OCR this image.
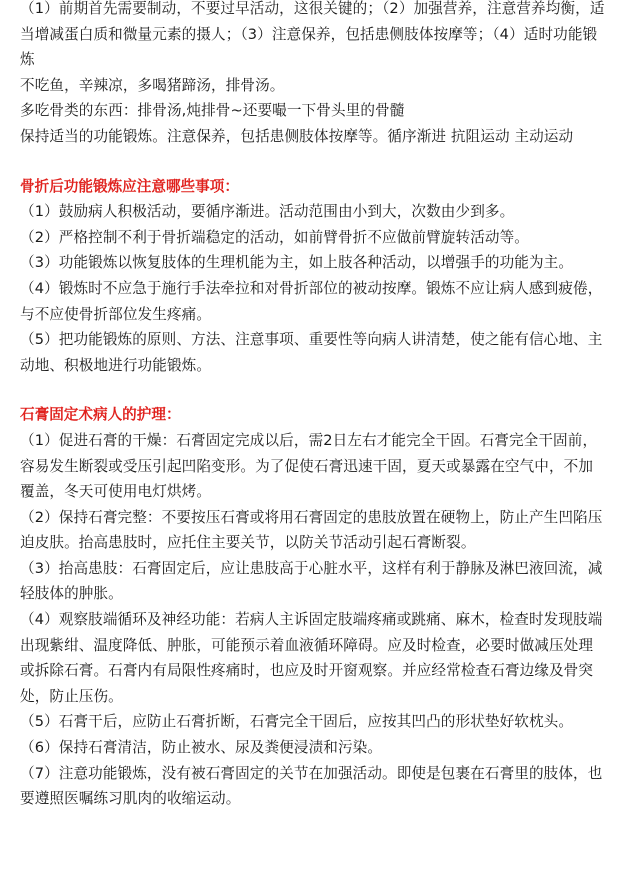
（1）前期首先需要制动，不要过早活动，这很关键的；（2）加强营养，注意营养均衡，适当增减蛋白质和微量元素的摄人；（3）注意保养，包括患侧肢体按摩等；（4）适时功能锻炼

不吃鱼，辛辣凉，多喝猪蹄汤，排骨汤。

多吃骨类的东西：排骨汤,炖排骨~还要嘬一下骨头里的骨髓

保持适当的功能锻炼。注意保养，包括患侧肢体按摩等。循序渐进 抗阻运动 主动运动

骨折后功能锻炼应注意哪些事项：

（1）鼓励病人积极活动，要循序渐进。活动范围由小到大，次数由少到多。

（2）严格控制不利于骨折端稳定的活动，如前臂骨折不应做前臂旋转活动等。

（3）功能锻炼以恢复肢体的生理机能为主，如上肢各种活动，以增强手的功能为主。

（4）锻炼时不应急于施行手法牵拉和对骨折部位的被动按摩。锻炼不应让病人感到疲倦，与不应使骨折部位发生疼痛。

（5）把功能锻炼的原则、方法、注意事项、重要性等向病人讲清楚，使之能有信心地、主动地、积极地进行功能锻炼。

石膏固定术病人的护理：

（1）促进石膏的干燥：石膏固定完成以后，需2日左右才能完全干固。石膏完全干固前，容易发生断裂或受压引起凹陷变形。为了促使石膏迅速干固，夏天或暴露在空气中，不加覆盖，冬天可使用电灯烘烤。

（2）保持石膏完整：不要按压石膏或将用石膏固定的患肢放置在硬物上，防止产生凹陷压迫皮肤。抬高患肢时，应托住主要关节，以防关节活动引起石膏断裂。

（3）抬高患肢：石膏固定后，应让患肢高于心脏水平，这样有利于静脉及淋巴液回流，减轻肢体的肿胀。

（4）观察肢端循环及神经功能：若病人主诉固定肢端疼痛或跳痛、麻木，检查时发现肢端出现紫绀、温度降低、肿胀，可能预示着血液循环障碍。应及时检查，必要时做减压处理或拆除石膏。石膏内有局限性疼痛时，也应及时开窗观察。并应经常检查石膏边缘及骨突处，防止压伤。

（5）石膏干后，应防止石膏折断，石膏完全干固后，应按其凹凸的形状垫好软枕头。

（6）保持石膏清洁，防止被水、尿及粪便浸渍和污染。

（7）注意功能锻炼，没有被石膏固定的关节在加强活动。即使是包裹在石膏里的肢体，也要遵照医嘱练习肌肉的收缩运动。
